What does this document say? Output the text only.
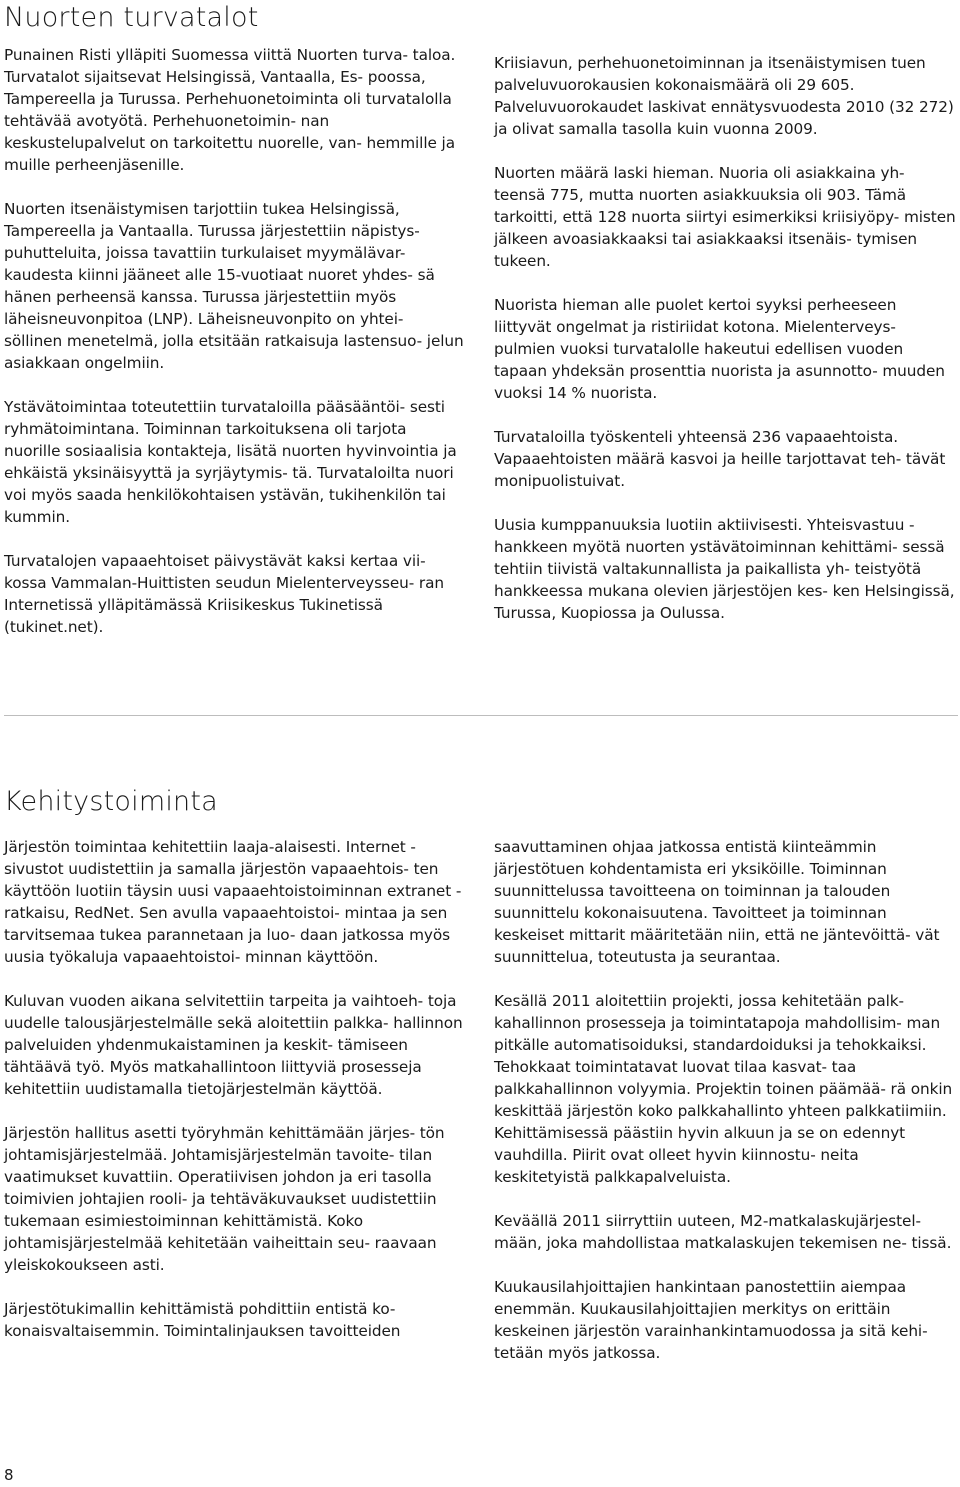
Nuorten turvatalot

Punainen Risti ylläpiti Suomessa viittä Nuorten turva- taloa. Turvatalot sijaitsevat Helsingissä, Vantaalla, Es- poossa, Tampereella ja Turussa. Perhehuonetoiminta oli turvatalolla tehtävää avotyötä. Perhehuonetoimin- nan keskustelupalvelut on tarkoitettu nuorelle, van- hemmille ja muille perheenjäsenille.

Nuorten itsenäistymisen tarjottiin tukea Helsingissä, Tampereella ja Vantaalla. Turussa järjestettiin näpistys- puhutteluita, joissa tavattiin turkulaiset myymälävar- kaudesta kiinni jääneet alle 15-vuotiaat nuoret yhdes- sä hänen perheensä kanssa. Turussa järjestettiin myös läheisneuvonpitoa (LNP). Läheisneuvonpito on yhtei- söllinen menetelmä, jolla etsitään ratkaisuja lastensuo- jelun asiakkaan ongelmiin.

Ystävätoimintaa toteutettiin turvataloilla pääsääntöi- sesti ryhmätoimintana. Toiminnan tarkoituksena oli tarjota nuorille sosiaalisia kontakteja, lisätä nuorten hyvinvointia ja ehkäistä yksinäisyyttä ja syrjäytymis- tä. Turvataloilta nuori voi myös saada henkilökohtaisen ystävän, tukihenkilön tai kummin.

Turvatalojen vapaaehtoiset päivystävät kaksi kertaa vii- kossa Vammalan-Huittisten seudun Mielenterveysseu- ran Internetissä ylläpitämässä Kriisikeskus Tukinetissä (tukinet.net).

Kriisiavun, perhehuonetoiminnan ja itsenäistymisen tuen palveluvuorokausien kokonaismäärä oli 29 605. Palveluvuorokaudet laskivat ennätysvuodesta 2010 (32 272) ja olivat samalla tasolla kuin vuonna 2009.

Nuorten määrä laski hieman. Nuoria oli asiakkaina yh- teensä 775, mutta nuorten asiakkuuksia oli 903. Tämä tarkoitti, että 128 nuorta siirtyi esimerkiksi kriisiyöpy- misten jälkeen avoasiakkaaksi tai asiakkaaksi itsenäis- tymisen tukeen.

Nuorista hieman alle puolet kertoi syyksi perheeseen liittyvät ongelmat ja ristiriidat kotona. Mielenterveys- pulmien vuoksi turvatalolle hakeutui edellisen vuoden tapaan yhdeksän prosenttia nuorista ja asunnotto- muuden vuoksi 14 % nuorista.

Turvataloilla työskenteli yhteensä 236 vapaaehtoista. Vapaaehtoisten määrä kasvoi ja heille tarjottavat teh- tävät monipuolistuivat.

Uusia kumppanuuksia luotiin aktiivisesti. Yhteisvastuu -hankkeen myötä nuorten ystävätoiminnan kehittämi- sessä tehtiin tiivistä valtakunnallista ja paikallista yh- teistyötä hankkeessa mukana olevien järjestöjen kes- ken Helsingissä, Turussa, Kuopiossa ja Oulussa.

Kehitystoiminta

Järjestön toimintaa kehitettiin laaja-alaisesti. Internet -sivustot uudistettiin ja samalla järjestön vapaaehtois- ten käyttöön luotiin täysin uusi vapaaehtoistoiminnan extranet -ratkaisu, RedNet. Sen avulla vapaaehtoistoi- mintaa ja sen tarvitsemaa tukea parannetaan ja luo- daan jatkossa myös uusia työkaluja vapaaehtoistoi- minnan käyttöön.

Kuluvan vuoden aikana selvitettiin tarpeita ja vaihtoeh- toja uudelle talousjärjestelmälle sekä aloitettiin palkka- hallinnon palveluiden yhdenmukaistaminen ja keskit- tämiseen tähtäävä työ. Myös matkahallintoon liittyviä prosesseja kehitettiin uudistamalla tietojärjestelmän käyttöä.

Järjestön hallitus asetti työryhmän kehittämään järjes- tön johtamisjärjestelmää. Johtamisjärjestelmän tavoite- tilan vaatimukset kuvattiin. Operatiivisen johdon ja eri tasolla toimivien johtajien rooli- ja tehtäväkuvaukset uudistettiin tukemaan esimiestoiminnan kehittämistä. Koko johtamisjärjestelmää kehitetään vaiheittain seu- raavaan yleiskokoukseen asti.

Järjestötukimallin kehittämistä pohdittiin entistä ko- konaisvaltaisemmin. Toimintalinjauksen tavoitteiden

saavuttaminen ohjaa jatkossa entistä kiinteämmin järjestötuen kohdentamista eri yksiköille. Toiminnan suunnittelussa tavoitteena on toiminnan ja talouden suunnittelu kokonaisuutena. Tavoitteet ja toiminnan keskeiset mittarit määritetään niin, että ne jäntevöittä- vät suunnittelua, toteutusta ja seurantaa.

Kesällä 2011 aloitettiin projekti, jossa kehitetään palk- kahallinnon prosesseja ja toimintatapoja mahdollisim- man pitkälle automatisoiduksi, standardoiduksi ja tehokkaiksi. Tehokkaat toimintatavat luovat tilaa kasvat- taa palkkahallinnon volyymia. Projektin toinen päämää- rä onkin keskittää järjestön koko palkkahallinto yhteen palkkatiimiin. Kehittämisessä päästiin hyvin alkuun ja se on edennyt vauhdilla. Piirit ovat olleet hyvin kiinnostu- neita keskitetyistä palkkapalveluista.

Keväällä 2011 siirryttiin uuteen, M2-matkalaskujärjestel- mään, joka mahdollistaa matkalaskujen tekemisen ne- tissä.

Kuukausilahjoittajien hankintaan panostettiin aiempaa enemmän. Kuukausilahjoittajien merkitys on erittäin keskeinen järjestön varainhankintamuodossa ja sitä kehi- tetään myös jatkossa.

8
